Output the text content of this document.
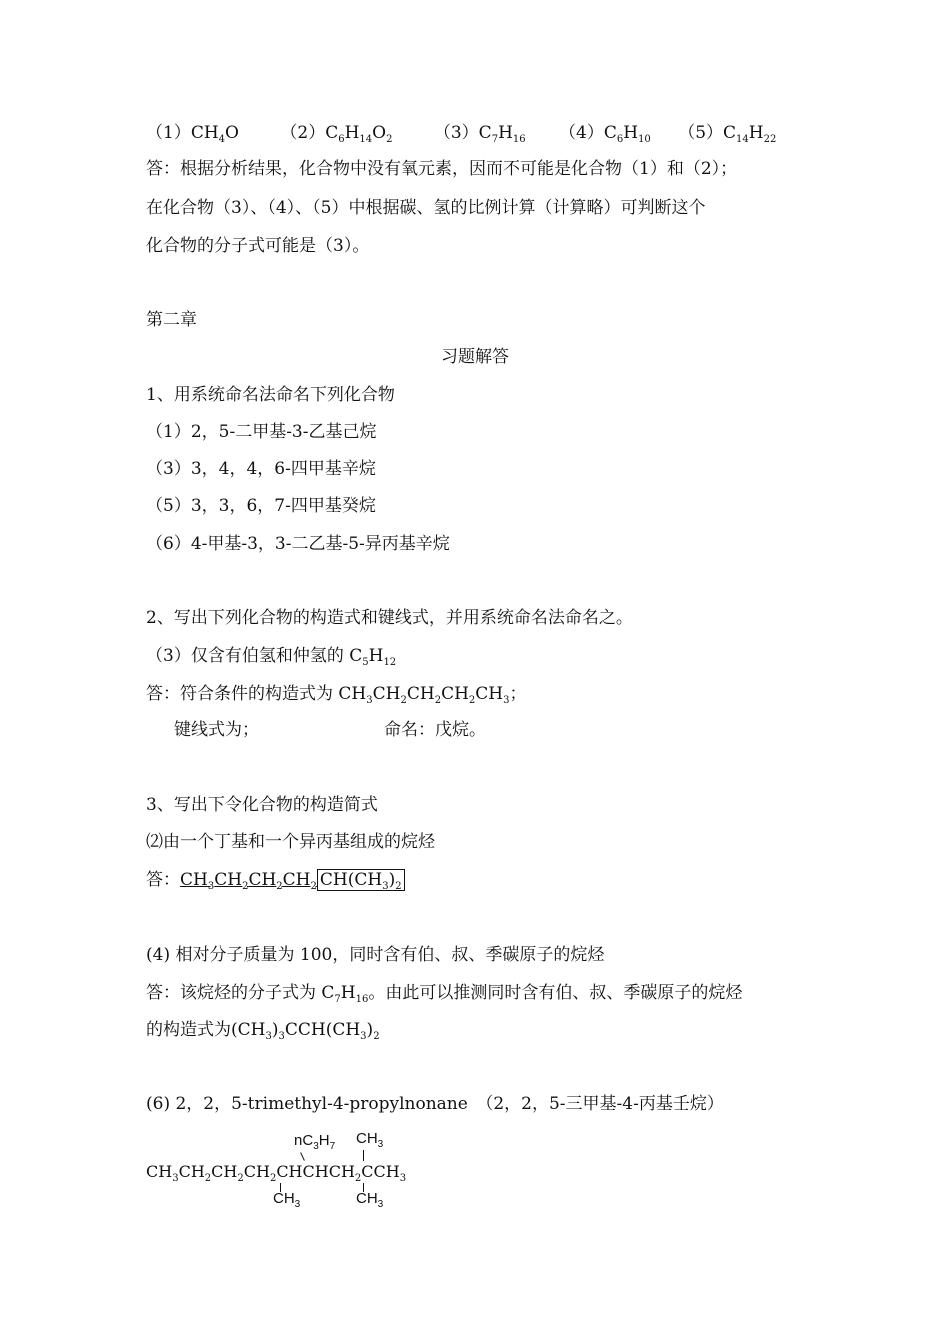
$(1)CH_4O$ $(2)C_6H_{14}O_2$ $(3)C_7H_{16}$ $(4)C_6H_{10}$ $(5)C_{14}H_{22}$
答：根据分析结果，化合物中没有氧元素，因而不可能是化合物（1）和（2）；
在化合物（3）、（4）、（5）中根据碳、氢的比例计算（计算略）可判断这个
化合物的分子式可能是（3）。
第二章
习题解答
1、用系统命名法命名下列化合物
（1）2，5-二甲基-3-乙基己烷
（3）3，4，4，6-四甲基辛烷
（5）3，3，6，7-四甲基癸烷
（6）4-甲基-3，3-二乙基-5-异丙基辛烷
2、写出下列化合物的构造式和键线式，并用系统命名法命名之。
（3）仅含有伯氢和仲氢的 $C_5H_{12}$
答：符合条件的构造式为 $CH_3CH_2CH_2CH_2CH_3$；
键线式为；	命名：戊烷。
3、写出下令化合物的构造简式
⑵由一个丁基和一个异丙基组成的烷烃
答：$CH_3CH_2CH_2CH_2$ $CH(CH_3)_2$
(4) 相对分子质量为 100，同时含有伯、叔、季碳原子的烷烃
答：该烷烃的分子式为 $C_7H_{16}$。由此可以推测同时含有伯、叔、季碳原子的烷烃
的构造式为$(CH_3)_3CCH(CH_3)_2$
(6) 2，2，5-trimethyl-4-propylnonane　（2，2，5-三甲基-4-丙基壬烷）
$nC_3H_7$ $CH_3$
$CH_3CH_2CH_2CH_2CHCHCH_2CCH_3$
$CH_3$	$CH_3$
